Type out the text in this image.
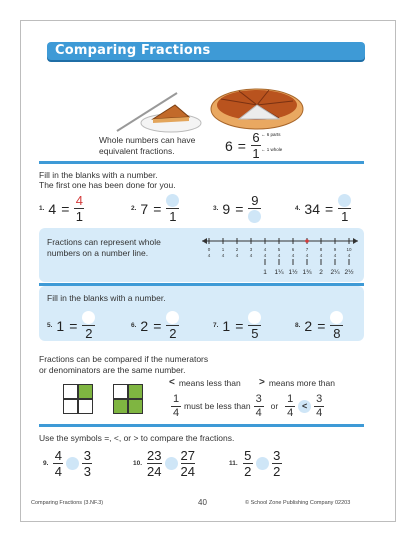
Comparing Fractions
Whole numbers can have
equivalent fractions.	$6 = \frac{6}{1}$ ← 6 parts
← 1 whole
Fill in the blanks with a number.
The first one has been done for you.
1. $4 = \frac{4}{1}$	2. 7 = 1
3. 9 = 9
4. 34 = 1
Fractions can represent whole
numbers on a number line.	0
4
1
4
2
4
3
4
4
4
1
5
4
1¼
6
4
1½
7
4
1¾
8
4
2
9
4
2¼
10
4
2½
Fill in the blanks with a number.
5. 1 = 2
6. 2 = 2
7. 1 = 5
8. 2 = 8
Fractions can be compared if the numerators
or denominators are the same number.
< means less than > means more than
$\frac{1}{4}$ must be less than $\frac{3}{4}$ or $\frac{1}{4} < \frac{3}{4}$
Use the symbols =, <, or > to compare the fractions.
9. $\frac{4}{4} \frac{3}{3}$	10. $\frac{23}{24} \frac{27}{24}$	11. $\frac{5}{2} \frac{3}{2}$
Comparing Fractions (3.NF.3)	40	© School Zone Publishing Company 02203
